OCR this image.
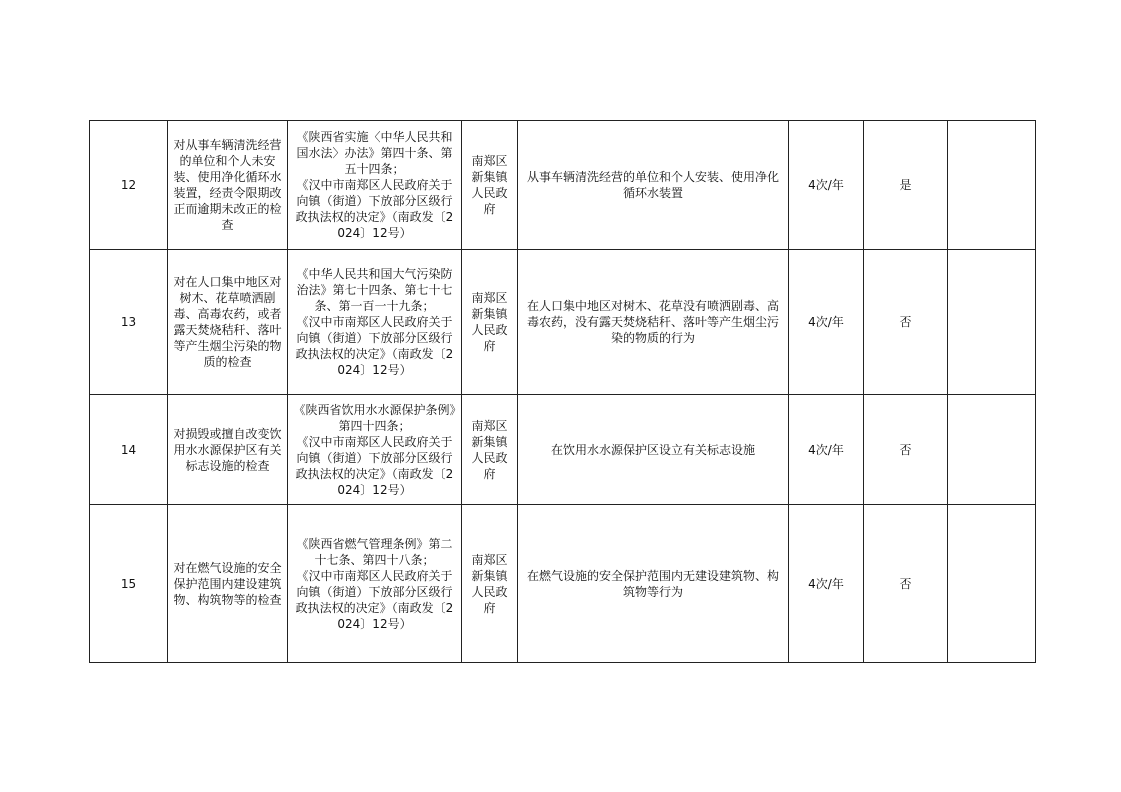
12	对从事车辆清洗经营的单位和个人未安装、使用净化循环水装置，经责令限期改正而逾期未改正的检查	《陕西省实施〈中华人民共和国水法〉办法》第四十条、第五十四条；
《汉中市南郑区人民政府关于向镇（街道）下放部分区级行政执法权的决定》（南政发〔2024〕12号）	南郑区新集镇人民政府	从事车辆清洗经营的单位和个人安装、使用净化循环水装置	4次/年	是	
13	对在人口集中地区对树木、花草喷洒剧毒、高毒农药，或者露天焚烧秸秆、落叶等产生烟尘污染的物质的检查	《中华人民共和国大气污染防治法》第七十四条、第七十七条、第一百一十九条；
《汉中市南郑区人民政府关于向镇（街道）下放部分区级行政执法权的决定》（南政发〔2024〕12号）	南郑区新集镇人民政府	在人口集中地区对树木、花草没有喷洒剧毒、高毒农药，没有露天焚烧秸秆、落叶等产生烟尘污染的物质的行为	4次/年	否	
14	对损毁或擅自改变饮用水水源保护区有关标志设施的检查	《陕西省饮用水水源保护条例》第四十四条；
《汉中市南郑区人民政府关于向镇（街道）下放部分区级行政执法权的决定》（南政发〔2024〕12号）	南郑区新集镇人民政府	在饮用水水源保护区设立有关标志设施	4次/年	否	
15	对在燃气设施的安全保护范围内建设建筑物、构筑物等的检查	《陕西省燃气管理条例》第二十七条、第四十八条；
《汉中市南郑区人民政府关于向镇（街道）下放部分区级行政执法权的决定》（南政发〔2024〕12号）	南郑区新集镇人民政府	在燃气设施的安全保护范围内无建设建筑物、构筑物等行为	4次/年	否	
